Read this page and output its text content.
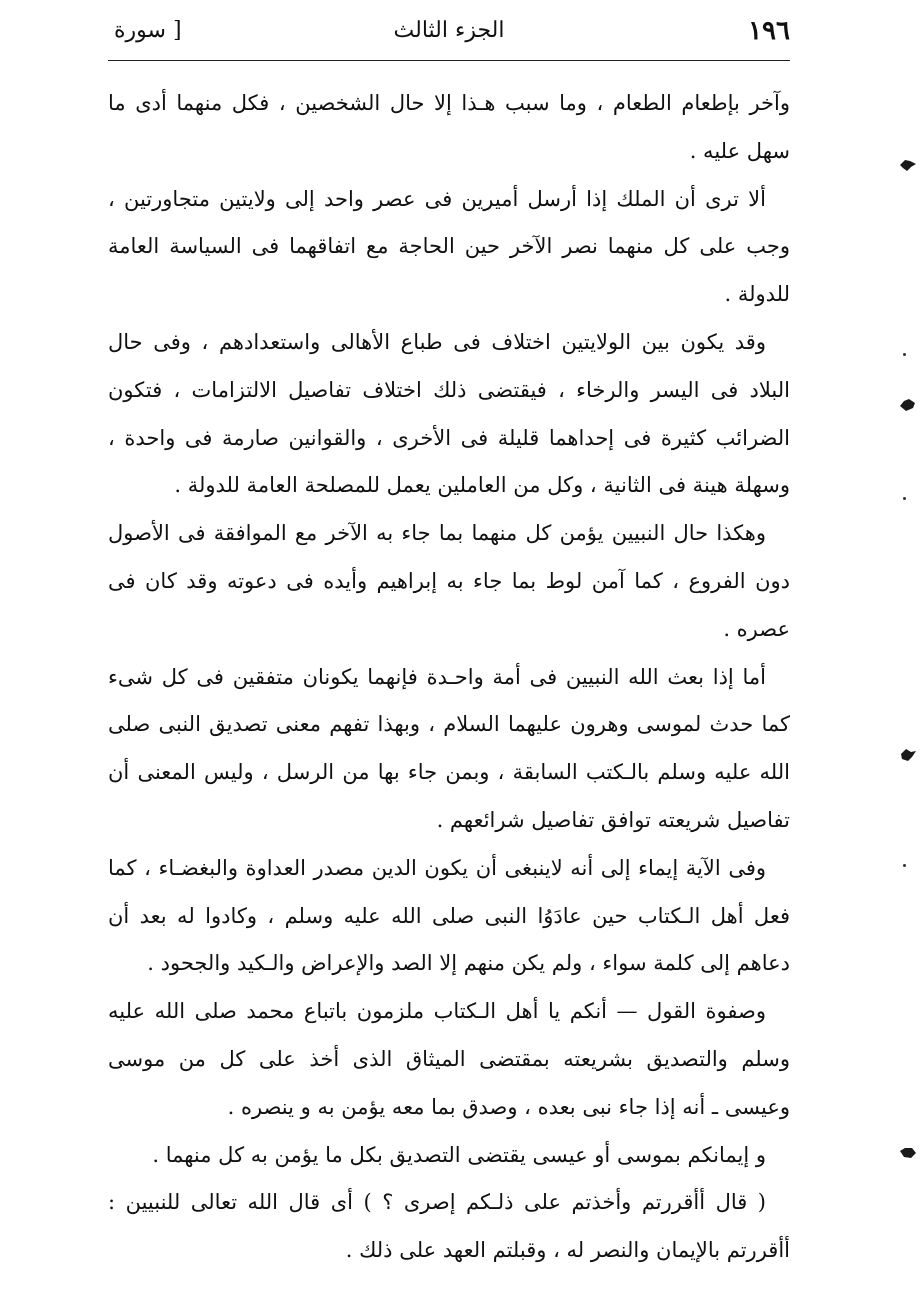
١٩٦
الجزء الثالث
[ سورة

وآخر بإطعام الطعام ، وما سبب هـذا إلا حال الشخصين ، فكل منهما أدى ما سهل عليه .

ألا ترى أن الملك إذا أرسل أميرين فى عصر واحد إلى ولايتين متجاورتين ، وجب على كل منهما نصر الآخر حين الحاجة مع اتفاقهما فى السياسة العامة للدولة .

وقد يكون بين الولايتين اختلاف فى طباع الأهالى واستعدادهم ، وفى حال البلاد فى اليسر والرخاء ، فيقتضى ذلك اختلاف تفاصيل الالتزامات ، فتكون الضرائب كثيرة فى إحداهما قليلة فى الأخرى ، والقوانين صارمة فى واحدة ، وسهلة هينة فى الثانية ، وكل من العاملين يعمل للمصلحة العامة للدولة .

وهكذا حال النبيين يؤمن كل منهما بما جاء به الآخر مع الموافقة فى الأصول دون الفروع ، كما آمن لوط بما جاء به إبراهيم وأيده فى دعوته وقد كان فى عصره .

أما إذا بعث الله النبيين فى أمة واحـدة فإنهما يكونان متفقين فى كل شىء كما حدث لموسى وهرون عليهما السلام ، وبهذا تفهم معنى تصديق النبى صلى الله عليه وسلم بالـكتب السابقة ، وبمن جاء بها من الرسل ، وليس المعنى أن تفاصيل شريعته توافق تفاصيل شرائعهم .

وفى الآية إيماء إلى أنه لاينبغى أن يكون الدين مصدر العداوة والبغضـاء ، كما فعل أهل الـكتاب حين عادَوُا النبى صلى الله عليه وسلم ، وكادوا له بعد أن دعاهم إلى كلمة سواء ، ولم يكن منهم إلا الصد والإعراض والـكيد والجحود .

وصفوة القول — أنكم يا أهل الـكتاب ملزمون باتباع محمد صلى الله عليه وسلم والتصديق بشريعته بمقتضى الميثاق الذى أخذ على كل من موسى وعيسى ـ أنه إذا جاء نبى بعده ، وصدق بما معه يؤمن به و ينصره .

و إيمانكم بموسى أو عيسى يقتضى التصديق بكل ما يؤمن به كل منهما .

( قال أأقررتم وأخذتم على ذلـكم إصرى ؟ ) أى قال الله تعالى للنبيين : أأقررتم بالإيمان والنصر له ، وقبلتم العهد على ذلك .
